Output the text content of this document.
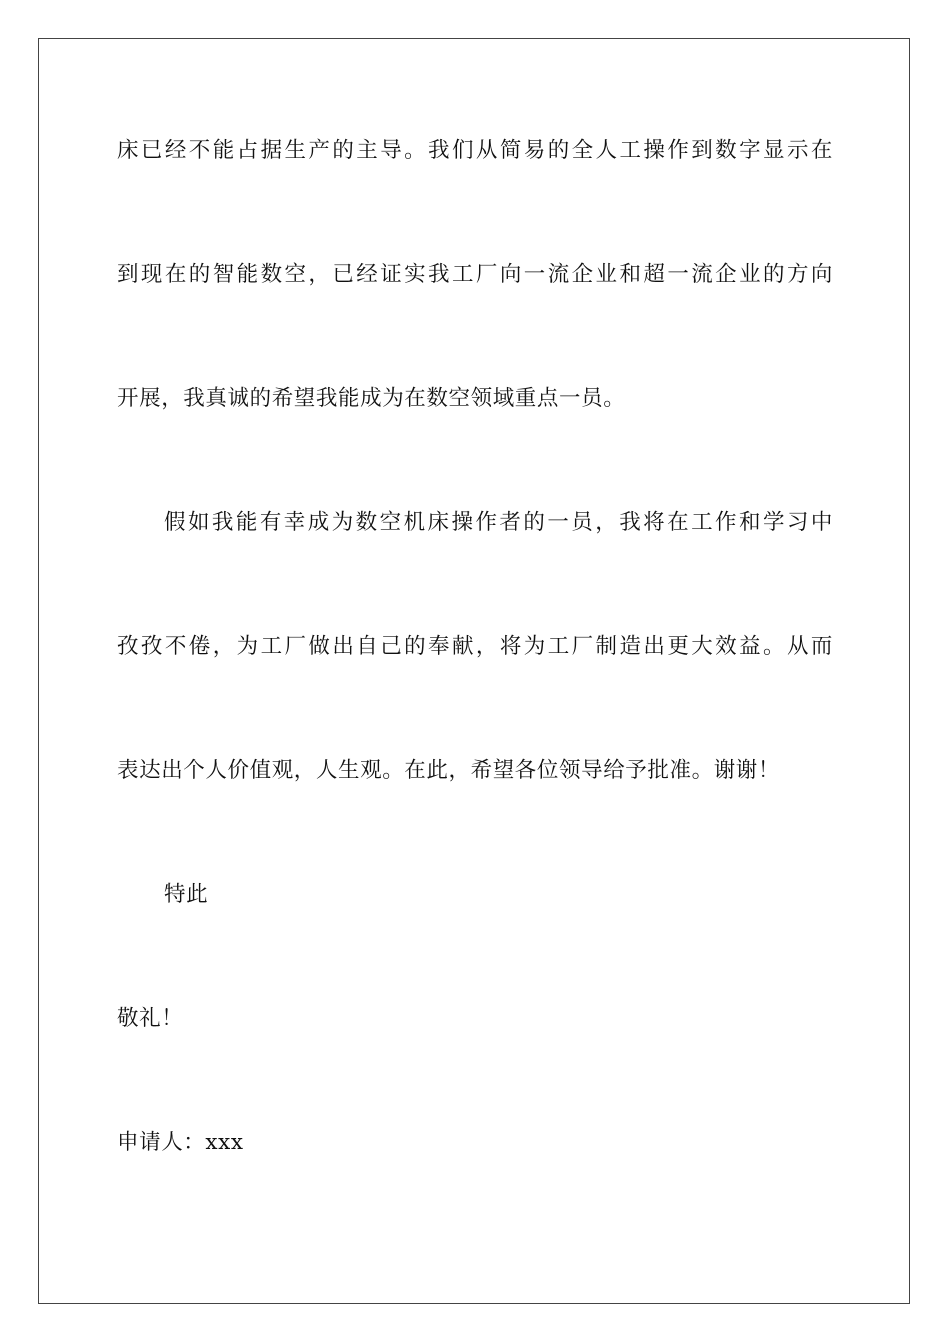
床已经不能占据生产的主导。我们从简易的全人工操作到数字显示在
到现在的智能数空，已经证实我工厂向一流企业和超一流企业的方向
开展，我真诚的希望我能成为在数空领域重点一员。
假如我能有幸成为数空机床操作者的一员，我将在工作和学习中
孜孜不倦，为工厂做出自己的奉献，将为工厂制造出更大效益。从而
表达出个人价值观，人生观。在此，希望各位领导给予批准。谢谢！
特此
敬礼！
申请人：xxx
